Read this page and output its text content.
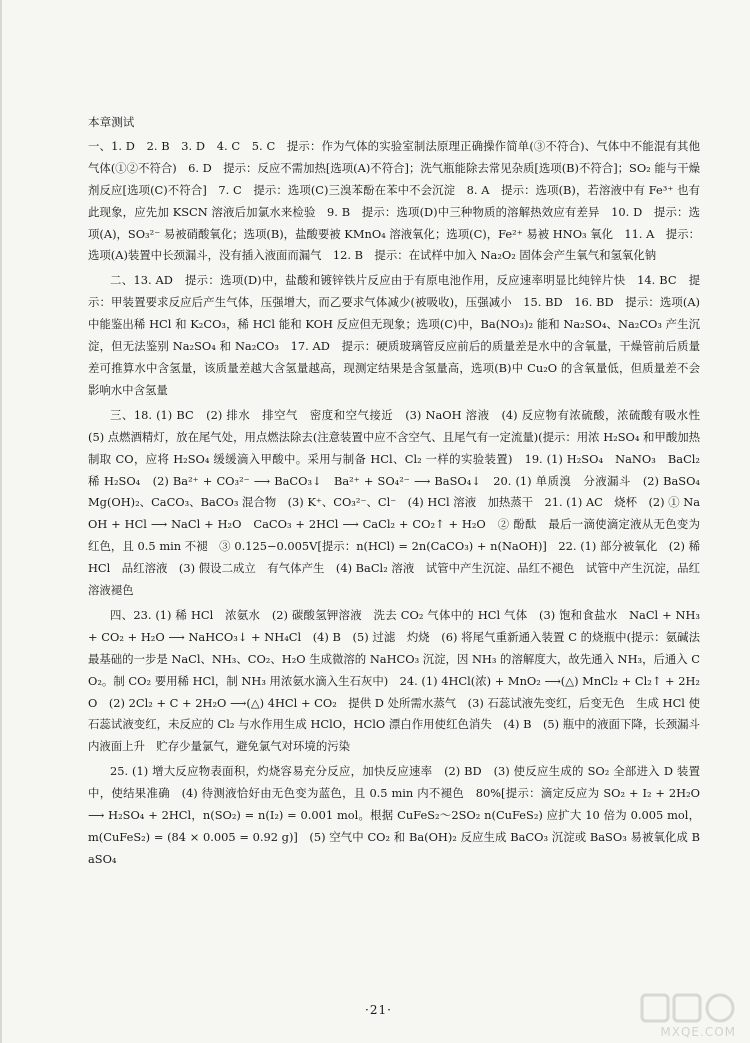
本章测试

一、1. D　2. B　3. D　4. C　5. C　提示：作为气体的实验室制法原理正确操作简单(③不符合)、气体中不能混有其他气体(①②不符合)　6. D　提示：反应不需加热[选项(A)不符合]；洗气瓶能除去常见杂质[选项(B)不符合]；SO₂ 能与干燥剂反应[选项(C)不符合]　7. C　提示：选项(C)三溴苯酚在苯中不会沉淀　8. A　提示：选项(B)，若溶液中有 Fe³⁺ 也有此现象，应先加 KSCN 溶液后加氯水来检验　9. B　提示：选项(D)中三种物质的溶解热效应有差异　10. D　提示：选项(A)，SO₃²⁻ 易被硝酸氧化；选项(B)，盐酸要被 KMnO₄ 溶液氧化；选项(C)，Fe²⁺ 易被 HNO₃ 氧化　11. A　提示：选项(A)装置中长颈漏斗，没有插入液面而漏气　12. B　提示：在试样中加入 Na₂O₂ 固体会产生氧气和氢氧化钠

二、13. AD　提示：选项(D)中，盐酸和镀锌铁片反应由于有原电池作用，反应速率明显比纯锌片快　14. BC　提示：甲装置要求反应后产生气体，压强增大，而乙要求气体减少(被吸收)，压强减小　15. BD　16. BD　提示：选项(A)中能鉴出稀 HCl 和 K₂CO₃，稀 HCl 能和 KOH 反应但无现象；选项(C)中，Ba(NO₃)₂ 能和 Na₂SO₄、Na₂CO₃ 产生沉淀，但无法鉴别 Na₂SO₄ 和 Na₂CO₃　17. AD　提示：硬质玻璃管反应前后的质量差是水中的含氧量，干燥管前后质量差可推算水中含氢量，该质量差越大含氢量越高，现测定结果是含氢量高，选项(B)中 Cu₂O 的含氧量低，但质量差不会影响水中含氢量

三、18. (1) BC　(2) 排水　排空气　密度和空气接近　(3) NaOH 溶液　(4) 反应物有浓硫酸，浓硫酸有吸水性　(5) 点燃酒精灯，放在尾气处，用点燃法除去(注意装置中应不含空气、且尾气有一定流量)(提示：用浓 H₂SO₄ 和甲酸加热制取 CO，应将 H₂SO₄ 缓缓滴入甲酸中。采用与制备 HCl、Cl₂ 一样的实验装置)　19. (1) H₂SO₄　NaNO₃　BaCl₂　稀 H₂SO₄　(2) Ba²⁺ + CO₃²⁻ ⟶ BaCO₃↓　Ba²⁺ + SO₄²⁻ ⟶ BaSO₄↓　20. (1) 单质溴　分液漏斗　(2) BaSO₄　Mg(OH)₂、CaCO₃、BaCO₃ 混合物　(3) K⁺、CO₃²⁻、Cl⁻　(4) HCl 溶液　加热蒸干　21. (1) AC　烧杯　(2) ① NaOH + HCl ⟶ NaCl + H₂O　CaCO₃ + 2HCl ⟶ CaCl₂ + CO₂↑ + H₂O　② 酚酞　最后一滴使滴定液从无色变为红色，且 0.5 min 不褪　③ 0.125−0.005V[提示：n(HCl) = 2n(CaCO₃) + n(NaOH)]　22. (1) 部分被氧化　(2) 稀 HCl　品红溶液　(3) 假设二成立　有气体产生　(4) BaCl₂ 溶液　试管中产生沉淀、品红不褪色　试管中产生沉淀，品红溶液褪色

四、23. (1) 稀 HCl　浓氨水　(2) 碳酸氢钾溶液　洗去 CO₂ 气体中的 HCl 气体　(3) 饱和食盐水　NaCl + NH₃ + CO₂ + H₂O ⟶ NaHCO₃↓ + NH₄Cl　(4) B　(5) 过滤　灼烧　(6) 将尾气重新通入装置 C 的烧瓶中(提示：氨碱法最基础的一步是 NaCl、NH₃、CO₂、H₂O 生成微溶的 NaHCO₃ 沉淀，因 NH₃ 的溶解度大，故先通入 NH₃，后通入 CO₂。制 CO₂ 要用稀 HCl，制 NH₃ 用浓氨水滴入生石灰中)　24. (1) 4HCl(浓) + MnO₂ ⟶(△) MnCl₂ + Cl₂↑ + 2H₂O　(2) 2Cl₂ + C + 2H₂O ⟶(△) 4HCl + CO₂　提供 D 处所需水蒸气　(3) 石蕊试液先变红，后变无色　生成 HCl 使石蕊试液变红，未反应的 Cl₂ 与水作用生成 HClO，HClO 漂白作用使红色消失　(4) B　(5) 瓶中的液面下降，长颈漏斗内液面上升　贮存少量氯气，避免氯气对环境的污染

25. (1) 增大反应物表面积，灼烧容易充分反应，加快反应速率　(2) BD　(3) 使反应生成的 SO₂ 全部进入 D 装置中，使结果准确　(4) 待测液恰好由无色变为蓝色，且 0.5 min 内不褪色　80%[提示：滴定反应为 SO₂ + I₂ + 2H₂O ⟶ H₂SO₄ + 2HCl，n(SO₂) = n(I₂) = 0.001 mol。根据 CuFeS₂～2SO₂ n(CuFeS₂) 应扩大 10 倍为 0.005 mol，m(CuFeS₂) = (84 × 0.005 = 0.92 g)]　(5) 空气中 CO₂ 和 Ba(OH)₂ 反应生成 BaCO₃ 沉淀或 BaSO₃ 易被氧化成 BaSO₄

·21·
MXQE.COM
